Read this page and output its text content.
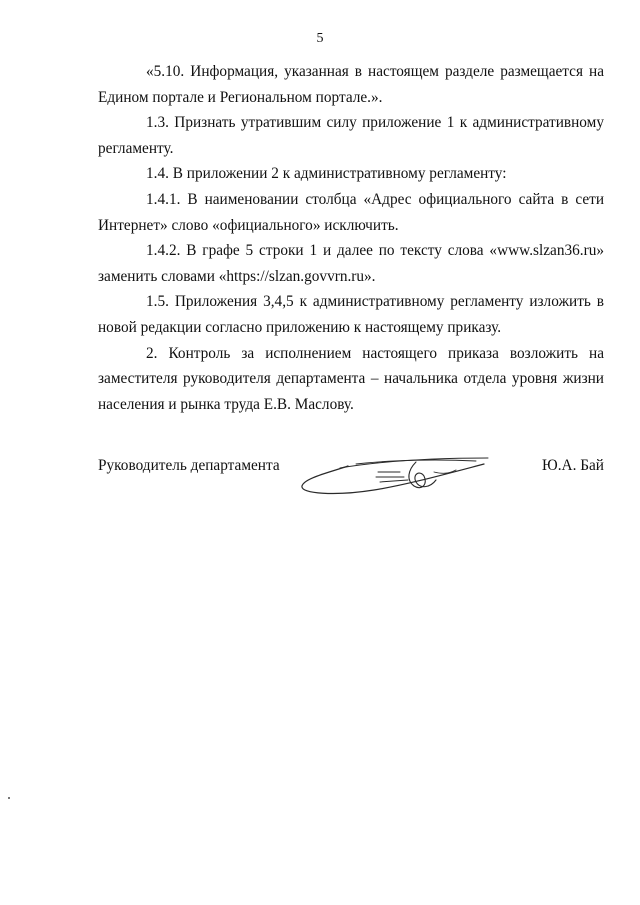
5

«5.10. Информация, указанная в настоящем разделе размещается на Едином портале и Региональном портале.».

1.3. Признать утратившим силу приложение 1 к административному регламенту.

1.4. В приложении 2 к административному регламенту:

1.4.1. В наименовании столбца «Адрес официального сайта в сети Интернет» слово «официального» исключить.

1.4.2. В графе 5 строки 1 и далее по тексту слова «www.slzan36.ru» заменить словами «https://slzan.govvrn.ru».

1.5. Приложения 3,4,5 к административному регламенту изложить в новой редакции согласно приложению к настоящему приказу.

2. Контроль за исполнением настоящего приказа возложить на заместителя руководителя департамента – начальника отдела уровня жизни населения и рынка труда Е.В. Маслову.

Руководитель департамента	Ю.А. Бай
